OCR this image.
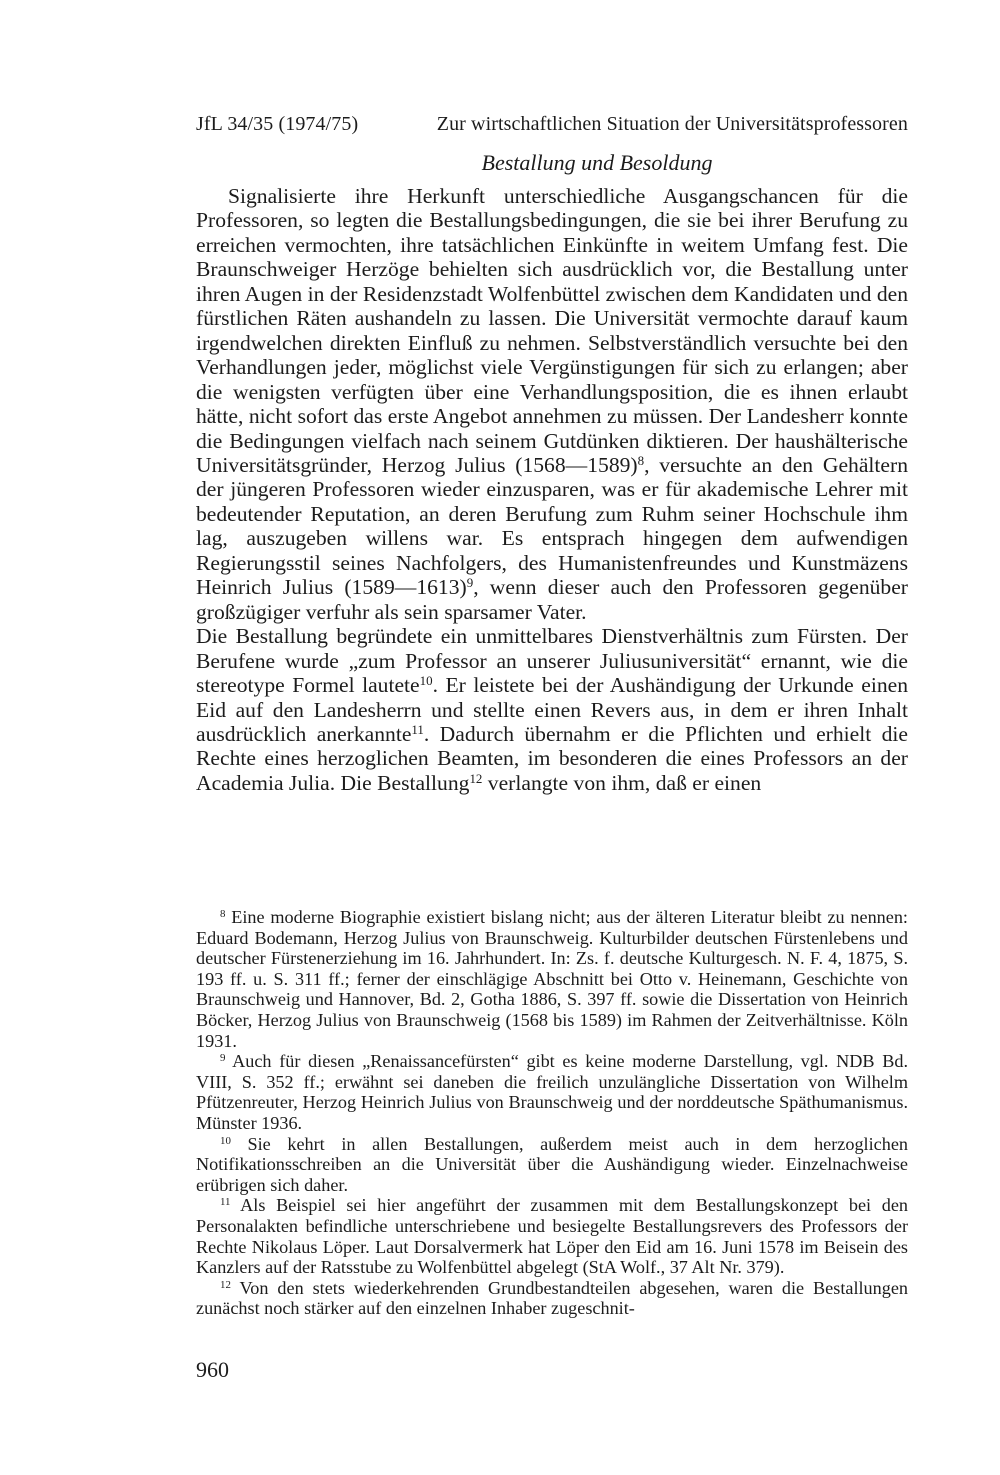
JfL 34/35 (1974/75)	Zur wirtschaftlichen Situation der Universitätsprofessoren
Bestallung und Besoldung

Signalisierte ihre Herkunft unterschiedliche Ausgangschancen für die Professoren, so legten die Bestallungsbedingungen, die sie bei ihrer Berufung zu erreichen vermochten, ihre tatsächlichen Einkünfte in weitem Umfang fest. Die Braunschweiger Herzöge behielten sich ausdrücklich vor, die Bestallung unter ihren Augen in der Residenzstadt Wolfenbüttel zwischen dem Kandidaten und den fürstlichen Räten aushandeln zu lassen. Die Universität vermochte darauf kaum irgendwelchen direkten Einfluß zu nehmen. Selbstverständlich versuchte bei den Verhandlungen jeder, möglichst viele Vergünstigungen für sich zu erlangen; aber die wenigsten verfügten über eine Verhandlungsposition, die es ihnen erlaubt hätte, nicht sofort das erste Angebot annehmen zu müssen. Der Landesherr konnte die Bedingungen vielfach nach seinem Gutdünken diktieren. Der haushälterische Universitätsgründer, Herzog Julius (1568—1589)$^8$, versuchte an den Gehältern der jüngeren Professoren wieder einzusparen, was er für akademische Lehrer mit bedeutender Reputation, an deren Berufung zum Ruhm seiner Hochschule ihm lag, auszugeben willens war. Es entsprach hingegen dem aufwendigen Regierungsstil seines Nachfolgers, des Humanistenfreundes und Kunstmäzens Heinrich Julius (1589—1613)$^9$, wenn dieser auch den Professoren gegenüber großzügiger verfuhr als sein sparsamer Vater.

Die Bestallung begründete ein unmittelbares Dienstverhältnis zum Fürsten. Der Berufene wurde „zum Professor an unserer Juliusuniversität“ ernannt, wie die stereotype Formel lautete$^{10}$. Er leistete bei der Aushändigung der Urkunde einen Eid auf den Landesherrn und stellte einen Revers aus, in dem er ihren Inhalt ausdrücklich anerkannte$^{11}$. Dadurch übernahm er die Pflichten und erhielt die Rechte eines herzoglichen Beamten, im besonderen die eines Professors an der Academia Julia. Die Bestallung$^{12}$ verlangte von ihm, daß er einen

$^8$ Eine moderne Biographie existiert bislang nicht; aus der älteren Literatur bleibt zu nennen: Eduard Bodemann, Herzog Julius von Braunschweig. Kulturbilder deutschen Fürstenlebens und deutscher Fürstenerziehung im 16. Jahrhundert. In: Zs. f. deutsche Kulturgesch. N. F. 4, 1875, S. 193 ff. u. S. 311 ff.; ferner der einschlägige Abschnitt bei Otto v. Heinemann, Geschichte von Braunschweig und Hannover, Bd. 2, Gotha 1886, S. 397 ff. sowie die Dissertation von Heinrich Böcker, Herzog Julius von Braunschweig (1568 bis 1589) im Rahmen der Zeitverhältnisse. Köln 1931.

$^9$ Auch für diesen „Renaissancefürsten“ gibt es keine moderne Darstellung, vgl. NDB Bd. VIII, S. 352 ff.; erwähnt sei daneben die freilich unzulängliche Dissertation von Wilhelm Pfützenreuter, Herzog Heinrich Julius von Braunschweig und der norddeutsche Späthumanismus. Münster 1936.

$^{10}$ Sie kehrt in allen Bestallungen, außerdem meist auch in dem herzoglichen Notifikationsschreiben an die Universität über die Aushändigung wieder. Einzelnachweise erübrigen sich daher.

$^{11}$ Als Beispiel sei hier angeführt der zusammen mit dem Bestallungskonzept bei den Personalakten befindliche unterschriebene und besiegelte Bestallungsrevers des Professors der Rechte Nikolaus Löper. Laut Dorsalvermerk hat Löper den Eid am 16. Juni 1578 im Beisein des Kanzlers auf der Ratsstube zu Wolfenbüttel abgelegt (StA Wolf., 37 Alt Nr. 379).

$^{12}$ Von den stets wiederkehrenden Grundbestandteilen abgesehen, waren die Bestallungen zunächst noch stärker auf den einzelnen Inhaber zugeschnit-

960
